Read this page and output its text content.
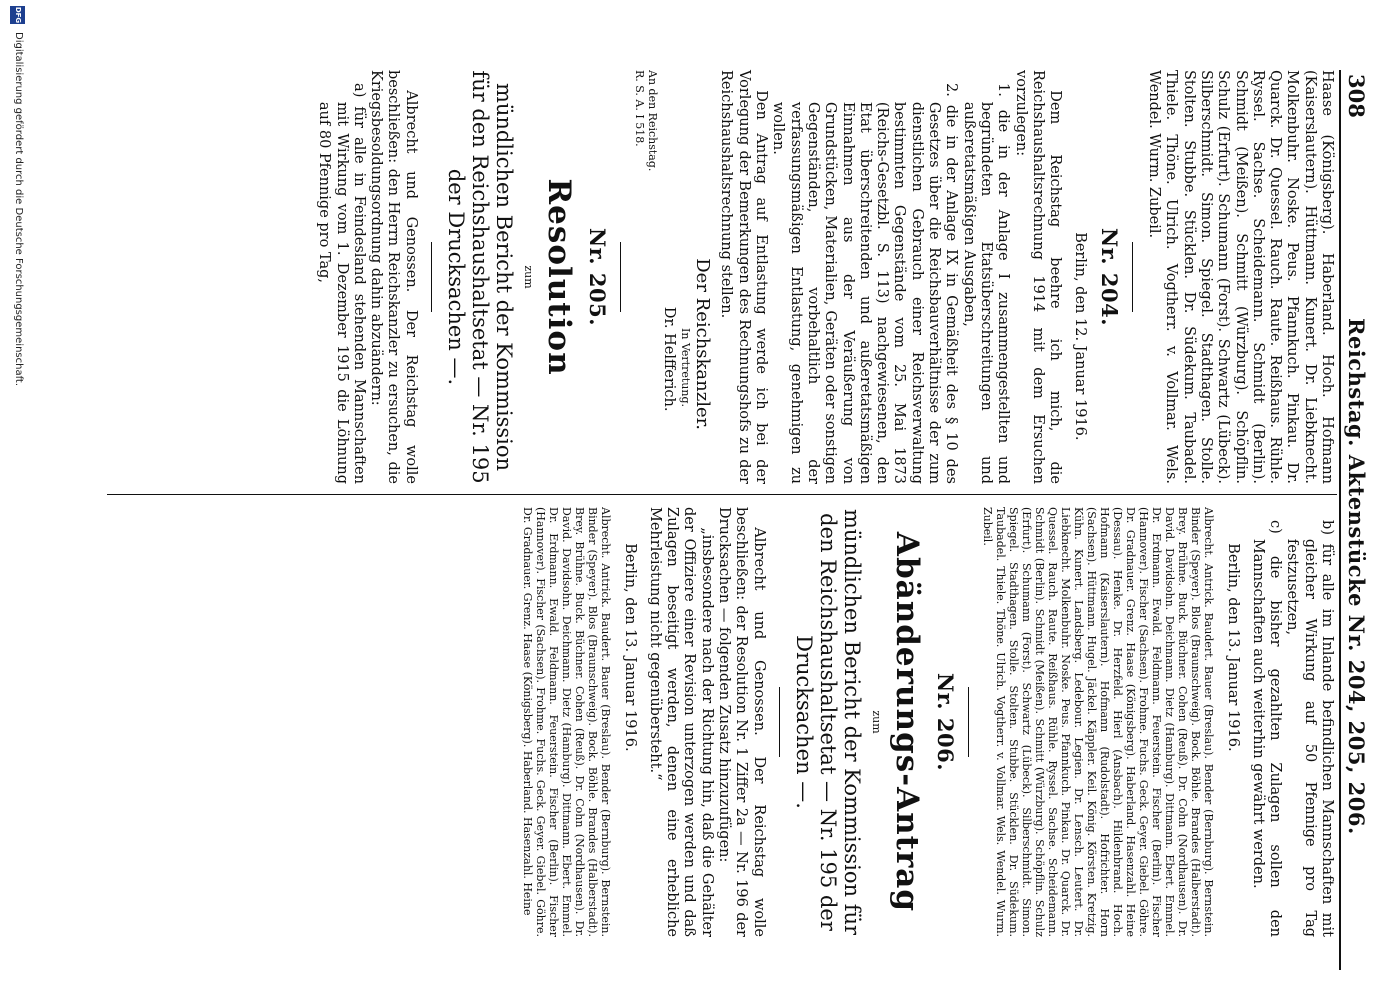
308
Reichstag. Aktenstücke Nr. 204, 205, 206.

Haase (Königsberg). Haberland. Hoch. Hofmann (Kaiserslautern). Hüttmann. Kunert. Dr. Liebknecht. Molkenbuhr. Noske. Peus. Pfannkuch. Pinkau. Dr. Quarck. Dr. Quessel. Rauch. Raute. Reißhaus. Rühle. Ryssel. Sachse. Scheidemann. Schmidt (Berlin). Schmidt (Meißen). Schmitt (Würzburg). Schöpflin. Schulz (Erfurt). Schumann (Forst). Schwartz (Lübeck). Silberschmidt. Simon. Spiegel. Stadthagen. Stolle. Stolten. Stubbe. Stücklen. Dr. Südekum. Taubadel. Thiele. Thöne. Ulrich. Vogtherr. v. Vollmar. Wels. Wendel. Wurm. Zubeil.

Nr. 204.

Berlin, den 12. Januar 1916.

Dem Reichstag beehre ich mich, die Reichshaushaltsrechnung 1914 mit dem Ersuchen vorzulegen:

1. die in der Anlage I zusammengestellten und begründeten Etatsüberschreitungen und außeretatsmäßigen Ausgaben,

2. die in der Anlage IX in Gemäßheit des § 10 des Gesetzes über die Reichsbauverhältnisse der zum dienstlichen Gebrauch einer Reichsverwaltung bestimmten Gegenstände vom 25. Mai 1873 (Reichs-Gesetzbl. S. 113) nachgewiesenen, den Etat überschreitenden und außeretatsmäßigen Einnahmen aus der Veräußerung von Grundstücken, Materialien, Geräten oder sonstigen Gegenständen, vorbehaltlich der verfassungsmäßigen Entlastung, genehmigen zu wollen.

Den Antrag auf Entlastung werde ich bei der Vorlegung der Bemerkungen des Rechnungshofs zu der Reichshaushaltsrechnung stellen.

Der Reichskanzler.

In Vertretung.

Dr. Helfferich.

An den Reichstag.

R. S. A. I 518.

Nr. 205.

Resolution

zum

mündlichen Bericht der Kommission für den Reichshaushaltsetat — Nr. 195 der Drucksachen —.

Albrecht und Genossen. Der Reichstag wolle beschließen: den Herrn Reichskanzler zu ersuchen, die Kriegsbesoldungsordnung dahin abzuändern:

a) für alle in Feindesland stehenden Mannschaften mit Wirkung vom 1. Dezember 1915 die Löhnung auf 80 Pfennige pro Tag,

b) für alle im Inlande befindlichen Mannschaften mit gleicher Wirkung auf 50 Pfennige pro Tag festzusetzen,

c) die bisher gezahlten Zulagen sollen den Mannschaften auch weiterhin gewährt werden.

Berlin, den 13. Januar 1916.

Albrecht. Antrick. Baudert. Bauer (Breslau). Bender (Bernburg). Bernstein. Binder (Speyer). Blos (Braunschweig). Bock. Böhle. Brandes (Halberstadt). Brey. Brühne. Buck. Büchner. Cohen (Reuß). Dr. Cohn (Nordhausen). Dr. David. Davidsohn. Deichmann. Dietz (Hamburg). Dittmann. Ebert. Emmel. Dr. Erdmann. Ewald. Feldmann. Feuerstein. Fischer (Berlin). Fischer (Hannover). Fischer (Sachsen). Frohme. Fuchs. Geck. Geyer. Giebel. Göhre. Dr. Gradnauer. Grenz. Haase (Königsberg). Haberland. Hasenzahl. Heine (Dessau). Henke. Dr. Herzfeld. Hierl (Ansbach). Hildenbrand. Hoch. Hofmann (Kaiserslautern). Hofmann (Rudolstadt). Hofrichter. Horn (Sachsen). Hüttmann. Hugel. Jäckel. Käppler. Keil. König. Körsten. Kretzig. Kühn. Kunert. Landsberg. Ledebour. Legien. Dr. Lensch. Leutert. Dr. Liebknecht. Molkenbuhr. Noske. Peus. Pfannkuch. Pinkau. Dr. Quarck. Dr. Quessel. Rauch. Raute. Reißhaus. Rühle. Ryssel. Sachse. Scheidemann. Schmidt (Berlin). Schmidt (Meißen). Schmitt (Würzburg). Schöpflin. Schulz (Erfurt). Schumann (Forst). Schwartz (Lübeck). Silberschmidt. Simon. Spiegel. Stadthagen. Stolle. Stolten. Stubbe. Stücklen. Dr. Südekum. Taubadel. Thiele. Thöne. Ulrich. Vogtherr. v. Vollmar. Wels. Wendel. Wurm. Zubeil.

Nr. 206.

Abänderungs-Antrag

zum

mündlichen Bericht der Kommission für den Reichshaushaltsetat — Nr. 195 der Drucksachen —.

Albrecht und Genossen. Der Reichstag wolle beschließen: der Resolution Nr. 1 Ziffer 2a — Nr. 196 der Drucksachen — folgenden Zusatz hinzuzufügen:

„insbesondere nach der Richtung hin, daß die Gehälter der Offiziere einer Revision unterzogen werden und daß Zulagen beseitigt werden, denen eine erhebliche Mehrleistung nicht gegenübersteht.“

Berlin, den 13. Januar 1916.

Albrecht. Antrick. Baudert. Bauer (Breslau). Bender (Bernburg). Bernstein. Binder (Speyer). Blos (Braunschweig). Bock. Böhle. Brandes (Halberstadt). Brey. Brühne. Buck. Büchner. Cohen (Reuß). Dr. Cohn (Nordhausen). Dr. David. Davidsohn. Deichmann. Dietz (Hamburg). Dittmann. Ebert. Emmel. Dr. Erdmann. Ewald. Feldmann. Feuerstein. Fischer (Berlin). Fischer (Hannover). Fischer (Sachsen). Frohme. Fuchs. Geck. Geyer. Giebel. Göhre. Dr. Gradnauer. Grenz. Haase (Königsberg). Haberland. Hasenzahl. Heine

DFG
Digitalisierung gefördert durch die Deutsche Forschungsgemeinschaft.
